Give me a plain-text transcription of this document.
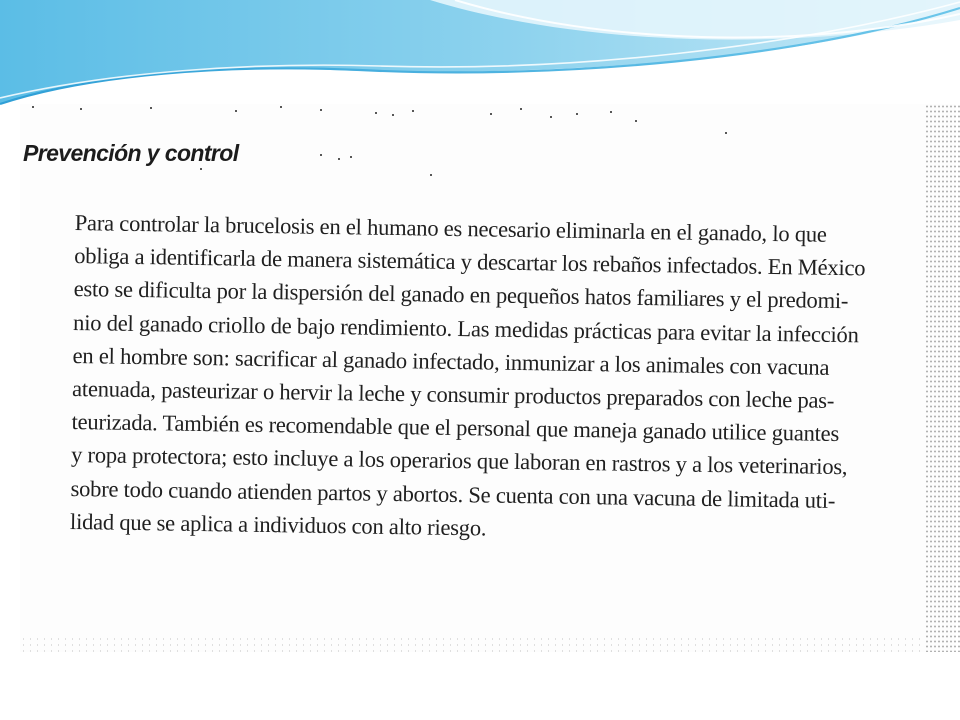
Prevención y control
Para controlar la brucelosis en el humano es necesario eliminarla en el ganado, lo que
obliga a identificarla de manera sistemática y descartar los rebaños infectados. En México
esto se dificulta por la dispersión del ganado en pequeños hatos familiares y el predomi-
nio del ganado criollo de bajo rendimiento. Las medidas prácticas para evitar la infección
en el hombre son: sacrificar al ganado infectado, inmunizar a los animales con vacuna
atenuada, pasteurizar o hervir la leche y consumir productos preparados con leche pas-
teurizada. También es recomendable que el personal que maneja ganado utilice guantes
y ropa protectora; esto incluye a los operarios que laboran en rastros y a los veterinarios,
sobre todo cuando atienden partos y abortos. Se cuenta con una vacuna de limitada uti-
lidad que se aplica a individuos con alto riesgo.
